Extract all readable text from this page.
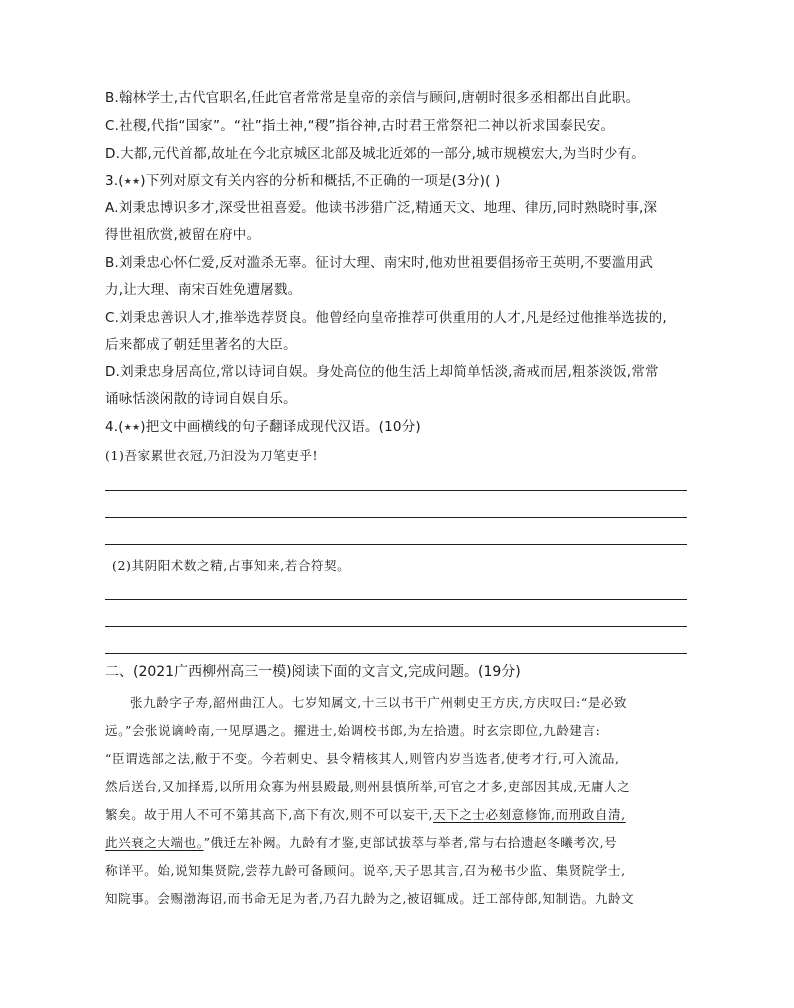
B.翰林学士,古代官职名,任此官者常常是皇帝的亲信与顾问,唐朝时很多丞相都出自此职。
C.社稷,代指“国家”。“社”指土神,“稷”指谷神,古时君王常祭祀二神以祈求国泰民安。
D.大都,元代首都,故址在今北京城区北部及城北近郊的一部分,城市规模宏大,为当时少有。
3.(★★)下列对原文有关内容的分析和概括,不正确的一项是(3分)( )
A.刘秉忠博识多才,深受世祖喜爱。他读书涉猎广泛,精通天文、地理、律历,同时熟晓时事,深
得世祖欣赏,被留在府中。
B.刘秉忠心怀仁爱,反对滥杀无辜。征讨大理、南宋时,他劝世祖要倡扬帝王英明,不要滥用武
力,让大理、南宋百姓免遭屠戮。
C.刘秉忠善识人才,推举选荐贤良。他曾经向皇帝推荐可供重用的人才,凡是经过他推举选拔的,
后来都成了朝廷里著名的大臣。
D.刘秉忠身居高位,常以诗词自娱。身处高位的他生活上却简单恬淡,斋戒而居,粗茶淡饭,常常
诵咏恬淡闲散的诗词自娱自乐。
4.(★★)把文中画横线的句子翻译成现代汉语。(10分)
(1)吾家累世衣冠,乃汩没为刀笔吏乎!
(2)其阴阳术数之精,占事知来,若合符契。
二、(2021广西柳州高三一模)阅读下面的文言文,完成问题。(19分)
张九龄字子寿,韶州曲江人。七岁知属文,十三以书干广州刺史王方庆,方庆叹曰:“是必致
远。”会张说谪岭南,一见厚遇之。擢进士,始调校书郎,为左拾遗。时玄宗即位,九龄建言:
“臣谓选部之法,敝于不变。今若刺史、县令精核其人,则管内岁当选者,使考才行,可入流品,
然后送台,又加择焉,以所用众寡为州县殿最,则州县慎所举,可官之才多,吏部因其成,无庸人之
繁矣。故于用人不可不第其高下,高下有次,则不可以妄干,天下之士必刻意修饰,而刑政自清,
此兴衰之大端也。”俄迁左补阙。九龄有才鉴,吏部试拔萃与举者,常与右拾遗赵冬曦考次,号
称详平。始,说知集贤院,尝荐九龄可备顾问。说卒,天子思其言,召为秘书少监、集贤院学士,
知院事。会赐渤海诏,而书命无足为者,乃召九龄为之,被诏辄成。迁工部侍郎,知制诰。九龄文
